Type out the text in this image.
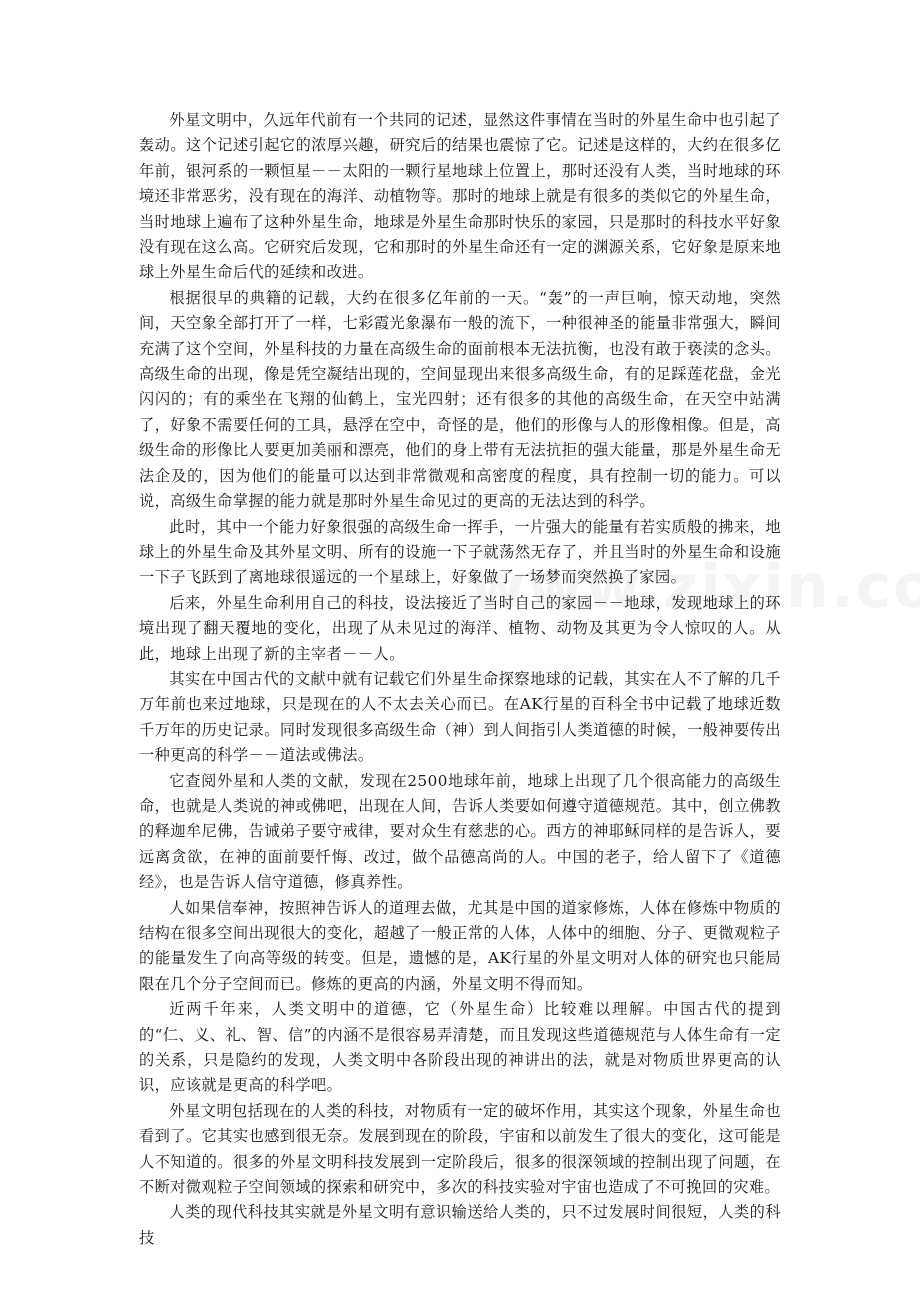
外星文明中，久远年代前有一个共同的记述，显然这件事情在当时的外星生命中也引起了轰动。这个记述引起它的浓厚兴趣，研究后的结果也震惊了它。记述是这样的，大约在很多亿年前，银河系的一颗恒星－－太阳的一颗行星地球上位置上，那时还没有人类，当时地球的环境还非常恶劣，没有现在的海洋、动植物等。那时的地球上就是有很多的类似它的外星生命，当时地球上遍布了这种外星生命，地球是外星生命那时快乐的家园，只是那时的科技水平好象没有现在这么高。它研究后发现，它和那时的外星生命还有一定的渊源关系，它好象是原来地球上外星生命后代的延续和改进。

根据很早的典籍的记载，大约在很多亿年前的一天。“轰”的一声巨响，惊天动地，突然间，天空象全部打开了一样，七彩霞光象瀑布一般的流下，一种很神圣的能量非常强大，瞬间充满了这个空间，外星科技的力量在高级生命的面前根本无法抗衡，也没有敢于亵渎的念头。高级生命的出现，像是凭空凝结出现的，空间显现出来很多高级生命，有的足踩莲花盘，金光闪闪的；有的乘坐在飞翔的仙鹤上，宝光四射；还有很多的其他的高级生命，在天空中站满了，好象不需要任何的工具，悬浮在空中，奇怪的是，他们的形像与人的形像相像。但是，高级生命的形像比人要更加美丽和漂亮，他们的身上带有无法抗拒的强大能量，那是外星生命无法企及的，因为他们的能量可以达到非常微观和高密度的程度，具有控制一切的能力。可以说，高级生命掌握的能力就是那时外星生命见过的更高的无法达到的科学。

此时，其中一个能力好象很强的高级生命一挥手，一片强大的能量有若实质般的拂来，地球上的外星生命及其外星文明、所有的设施一下子就荡然无存了，并且当时的外星生命和设施一下子飞跃到了离地球很遥远的一个星球上，好象做了一场梦而突然换了家园。

后来，外星生命利用自己的科技，设法接近了当时自己的家园－－地球，发现地球上的环境出现了翻天覆地的变化，出现了从未见过的海洋、植物、动物及其更为令人惊叹的人。从此，地球上出现了新的主宰者－－人。

其实在中国古代的文献中就有记载它们外星生命探察地球的记载，其实在人不了解的几千万年前也来过地球，只是现在的人不太去关心而已。在AK行星的百科全书中记载了地球近数千万年的历史记录。同时发现很多高级生命（神）到人间指引人类道德的时候，一般神要传出一种更高的科学－－道法或佛法。

它查阅外星和人类的文献，发现在2500地球年前，地球上出现了几个很高能力的高级生命，也就是人类说的神或佛吧，出现在人间，告诉人类要如何遵守道德规范。其中，创立佛教的释迦牟尼佛，告诫弟子要守戒律，要对众生有慈悲的心。西方的神耶稣同样的是告诉人，要远离贪欲，在神的面前要忏悔、改过，做个品德高尚的人。中国的老子，给人留下了《道德经》，也是告诉人信守道德，修真养性。

人如果信奉神，按照神告诉人的道理去做，尤其是中国的道家修炼，人体在修炼中物质的结构在很多空间出现很大的变化，超越了一般正常的人体，人体中的细胞、分子、更微观粒子的能量发生了向高等级的转变。但是，遗憾的是，AK行星的外星文明对人体的研究也只能局限在几个分子空间而已。修炼的更高的内涵，外星文明不得而知。

近两千年来，人类文明中的道德，它（外星生命）比较难以理解。中国古代的提到的“仁、义、礼、智、信”的内涵不是很容易弄清楚，而且发现这些道德规范与人体生命有一定的关系，只是隐约的发现，人类文明中各阶段出现的神讲出的法，就是对物质世界更高的认识，应该就是更高的科学吧。

外星文明包括现在的人类的科技，对物质有一定的破坏作用，其实这个现象，外星生命也看到了。它其实也感到很无奈。发展到现在的阶段，宇宙和以前发生了很大的变化，这可能是人不知道的。很多的外星文明科技发展到一定阶段后，很多的很深领域的控制出现了问题，在不断对微观粒子空间领域的探索和研究中，多次的科技实验对宇宙也造成了不可挽回的灾难。

人类的现代科技其实就是外星文明有意识输送给人类的，只不过发展时间很短，人类的科技
